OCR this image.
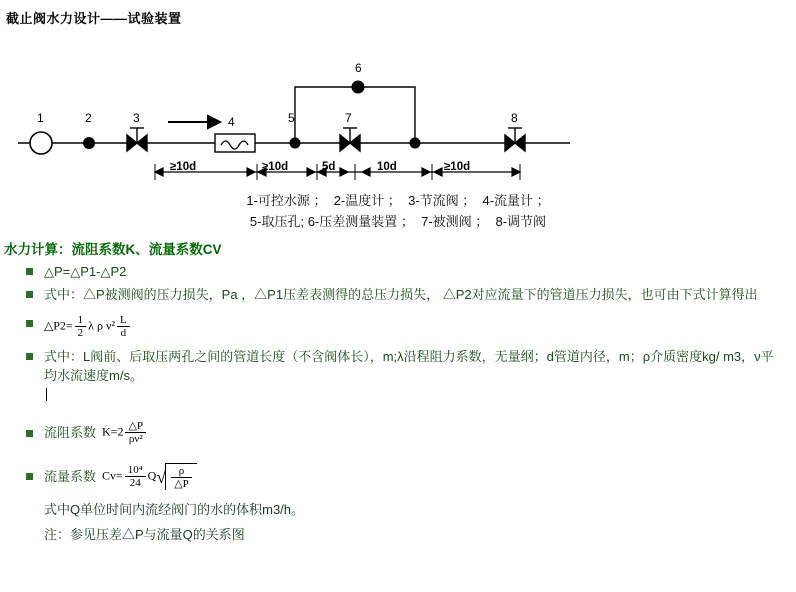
截止阀水力设计——试验装置
1	2	3	4	5
6
7	8
≥10d	≥10d	5d	10d	≥10d
1-可控水源 ；  2-温度计 ；  3-节流阀 ；  4-流量计 ；
5-取压孔; 6-压差测量装置 ；  7-被测阀 ；  8-调节阀
水力计算：流阻系数K、流量系数CV
△P=△P1-△P2
式中：△P被测阀的压力损失，Pa ，△P1压差表测得的总压力损失， △P2对应流量下的管道压力损失，也可由下式计算得出
△P2= $\frac{1}{2}$ λ ρ $\nu^2 \frac{L}{d}$
式中：L阀前、后取压两孔之间的管道长度（不含阀体长），m;λ沿程阻力系数，无量纲；d管道内径，m；ρ介质密度kg/ m3，ν平均水流速度m/s。
流阻系数 $K=2 \frac{\triangle P}{\text{ρν²}}$
流量系数 $Cv= \frac{\text{10⁴}}{24} Q√ \frac{\rho}{\triangle P}$
式中Q单位时间内流经阀门的水的体积m3/h。
注：参见压差△P与流量Q的关系图
